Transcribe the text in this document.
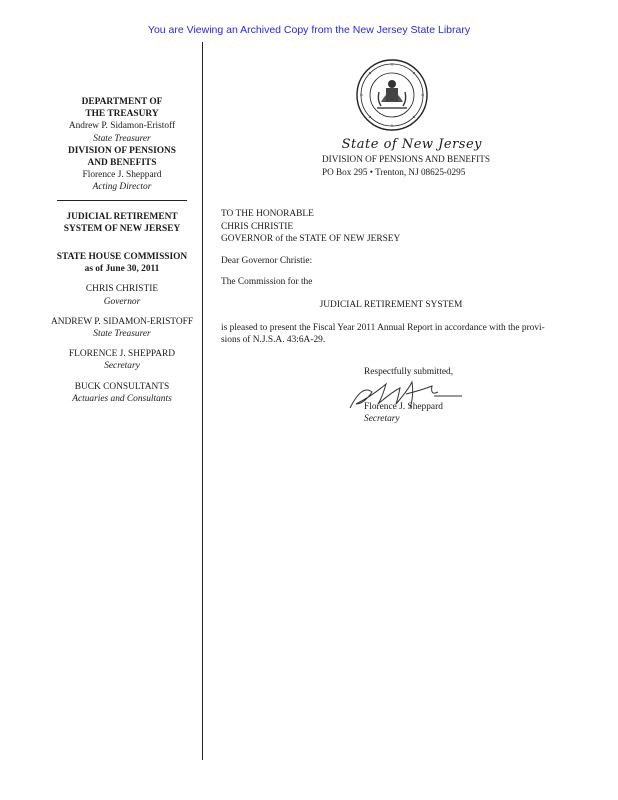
You are Viewing an Archived Copy from the New Jersey State Library
DEPARTMENT OF
THE TREASURY
Andrew P. Sidamon-Eristoff
State Treasurer
DIVISION OF PENSIONS
AND BENEFITS
Florence J. Sheppard
Acting Director
JUDICIAL RETIREMENT
SYSTEM OF NEW JERSEY
STATE HOUSE COMMISSION
as of June 30, 2011
CHRIS CHRISTIE
Governor
ANDREW P. SIDAMON-ERISTOFF
State Treasurer
FLORENCE J. SHEPPARD
Secretary
BUCK CONSULTANTS
Actuaries and Consultants
State of New Jersey
DIVISION OF PENSIONS AND BENEFITS
PO Box 295 • Trenton, NJ 08625-0295

TO THE HONORABLE

CHRIS CHRISTIE

GOVERNOR of the STATE OF NEW JERSEY

Dear Governor Christie:

The Commission for the

JUDICIAL RETIREMENT SYSTEM

is pleased to present the Fiscal Year 2011 Annual Report in accordance with the provi-sions of N.J.S.A. 43:6A-29.

Respectfully submitted,
Florence J. Sheppard
Secretary
